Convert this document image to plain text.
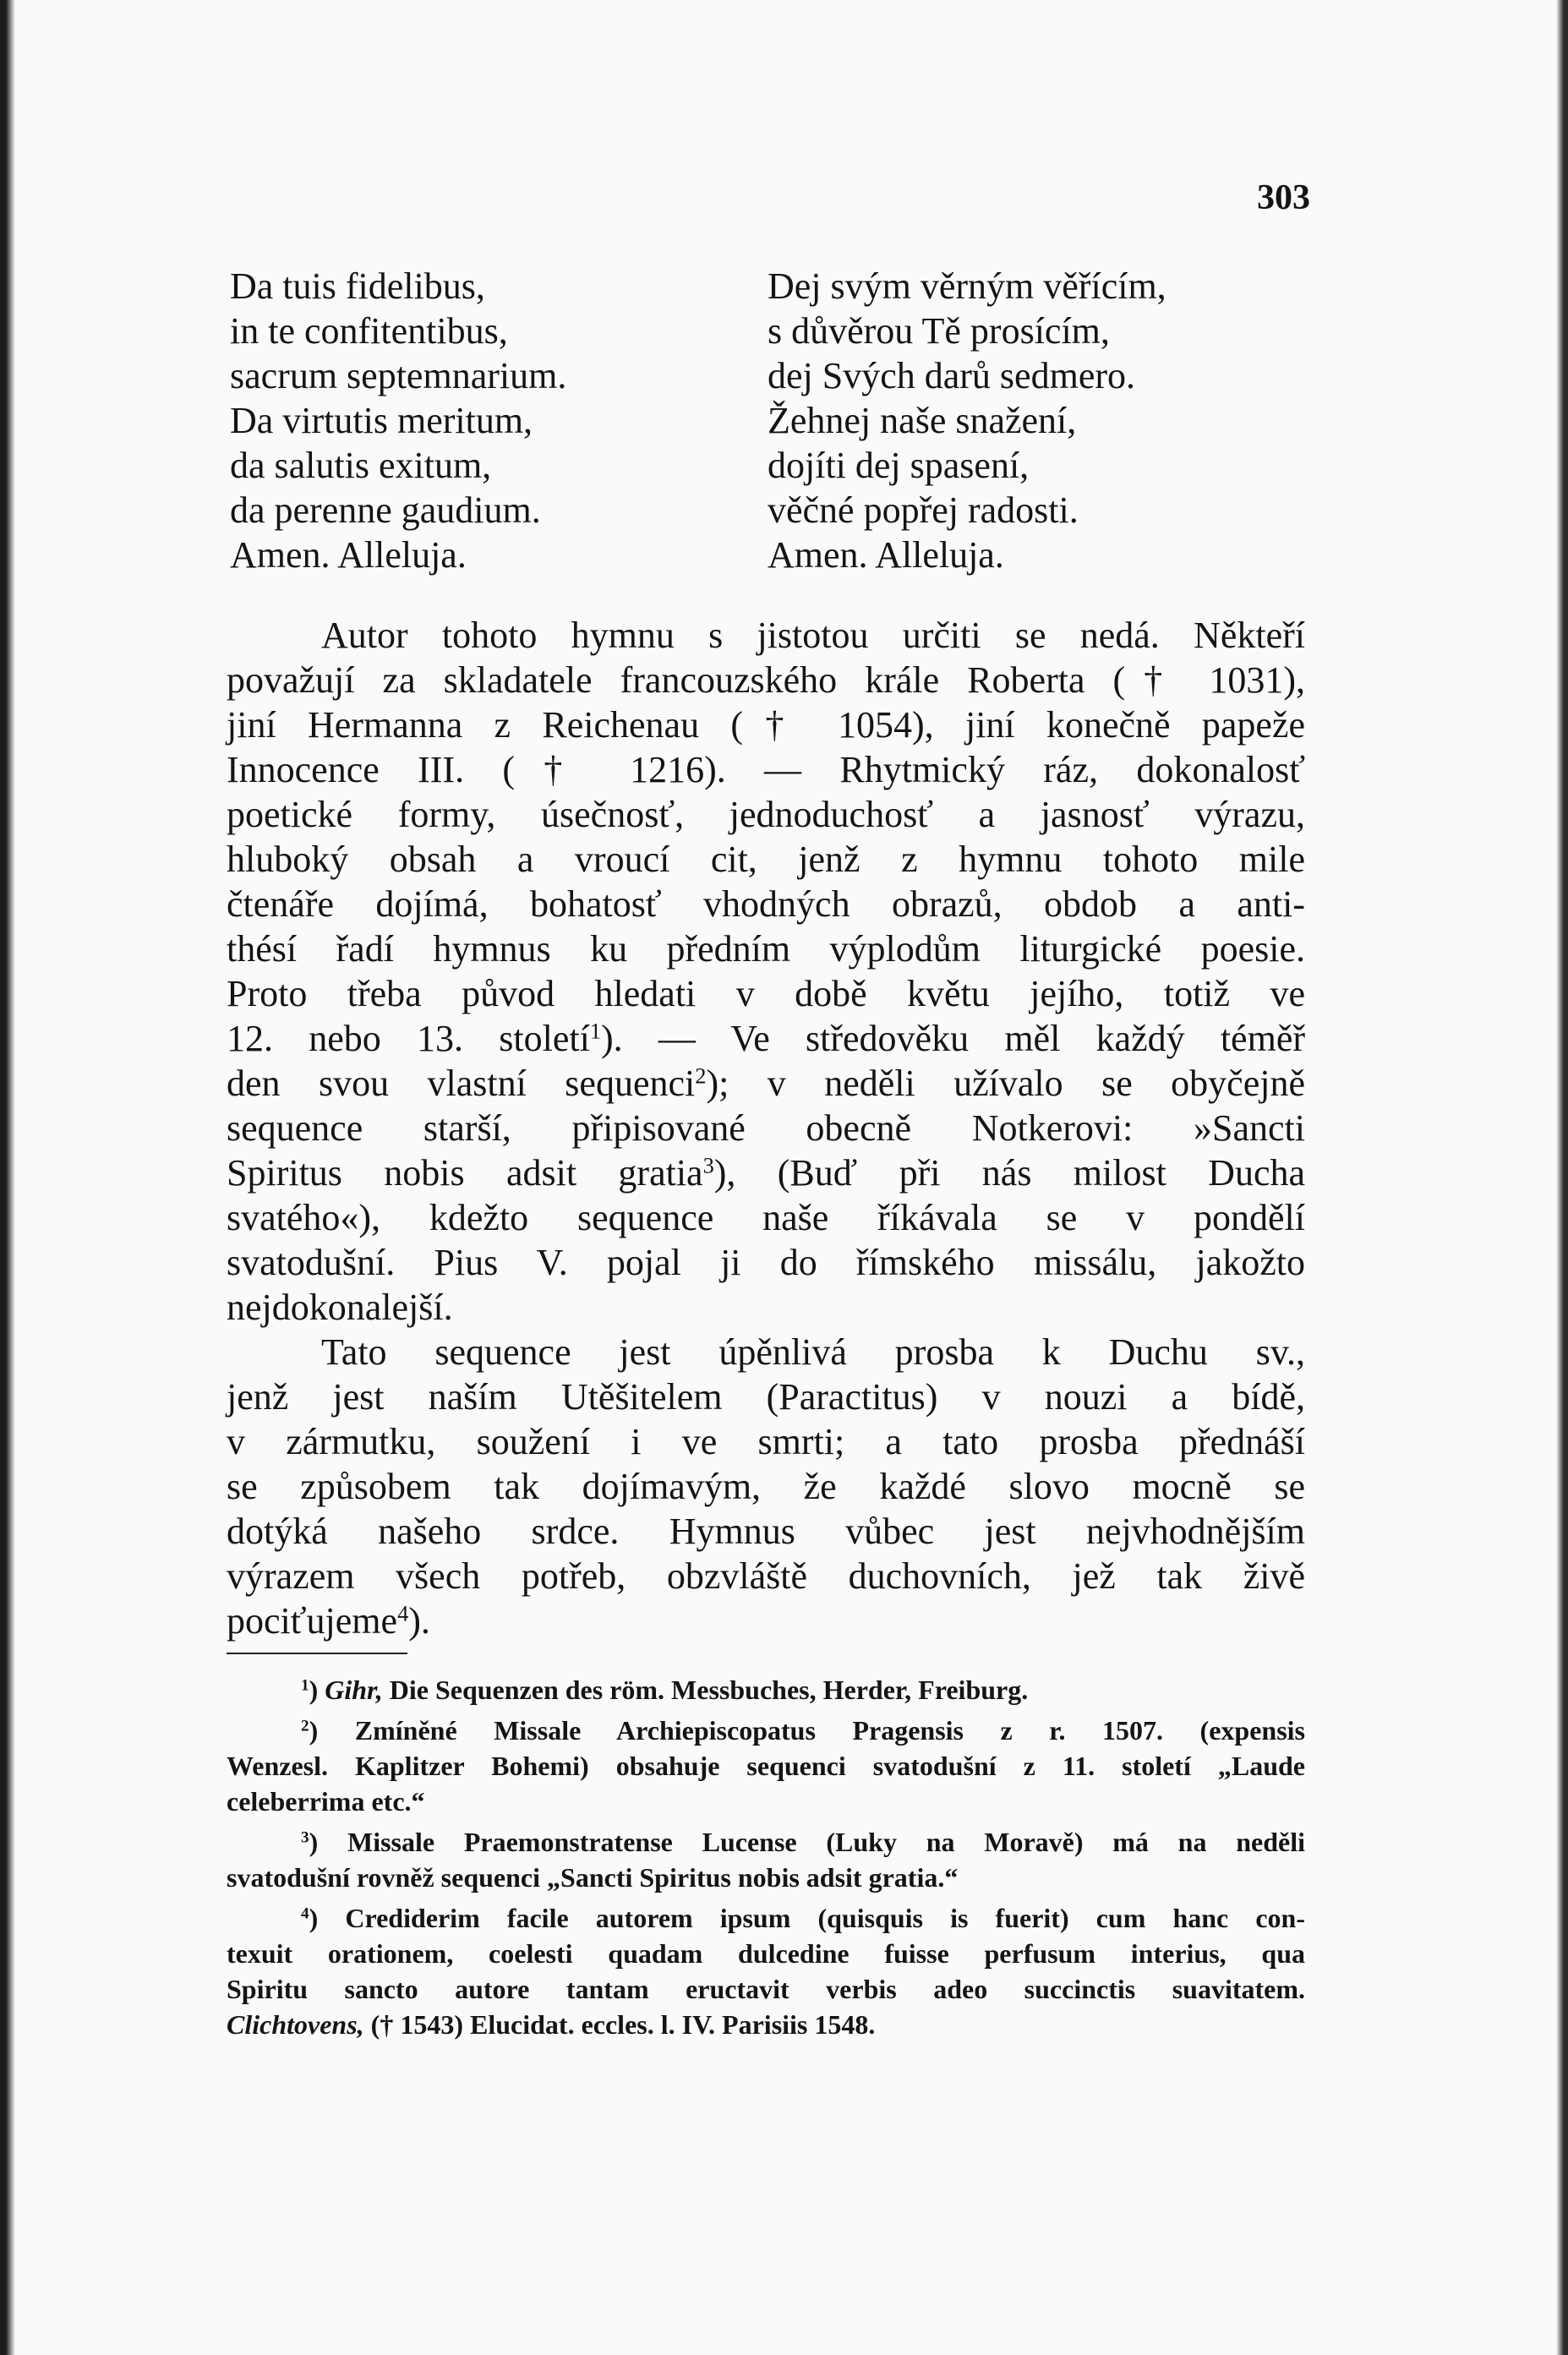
303
Da tuis fidelibus,
in te confitentibus,
sacrum septemnarium.
Da virtutis meritum,
da salutis exitum,
da perenne gaudium.
Amen. Alleluja.
Dej svým věrným věřícím,
s důvěrou Tě prosícím,
dej Svých darů sedmero.
Žehnej naše snažení,
dojíti dej spasení,
věčné popřej radosti.
Amen. Alleluja.
Autor tohoto hymnu s jistotou určiti se nedá. Někteří
považují za skladatele francouzského krále Roberta († 1031),
jiní Hermanna z Reichenau († 1054), jiní konečně papeže
Innocence III. († 1216). — Rhytmický ráz, dokonalosť
poetické formy, úsečnosť, jednoduchosť a jasnosť výrazu,
hluboký obsah a vroucí cit, jenž z hymnu tohoto mile
čtenáře dojímá, bohatosť vhodných obrazů, obdob a anti-
thésí řadí hymnus ku předním výplodům liturgické poesie.
Proto třeba původ hledati v době květu jejího, totiž ve
12. nebo 13. století$^1$). — Ve středověku měl každý téměř
den svou vlastní sequenci$^2$); v neděli užívalo se obyčejně
sequence starší, připisované obecně Notkerovi: »Sancti
Spiritus nobis adsit gratia$^3$), (Buď při nás milost Ducha
svatého«), kdežto sequence naše říkávala se v pondělí
svatodušní. Pius V. pojal ji do římského missálu, jakožto
nejdokonalejší.
Tato sequence jest úpěnlivá prosba k Duchu sv.,
jenž jest naším Utěšitelem (Paractitus) v nouzi a bídě,
v zármutku, soužení i ve smrti; a tato prosba přednáší
se způsobem tak dojímavým, že každé slovo mocně se
dotýká našeho srdce. Hymnus vůbec jest nejvhodnějším
výrazem všech potřeb, obzvláště duchovních, jež tak živě
pociťujeme$^4$).
$^1$) Gihr, Die Sequenzen des röm. Messbuches, Herder, Freiburg.
$^2$) Zmíněné Missale Archiepiscopatus Pragensis z r. 1507. (expensis
Wenzesl. Kaplitzer Bohemi) obsahuje sequenci svatodušní z 11. století „Laude
celeberrima etc.“
$^3$) Missale Praemonstratense Lucense (Luky na Moravě) má na neděli
svatodušní rovněž sequenci „Sancti Spiritus nobis adsit gratia.“
$^4$) Crediderim facile autorem ipsum (quisquis is fuerit) cum hanc con-
texuit orationem, coelesti quadam dulcedine fuisse perfusum interius, qua
Spiritu sancto autore tantam eructavit verbis adeo succinctis suavitatem.
Clichtovens, († 1543) Elucidat. eccles. l. IV. Parisiis 1548.
